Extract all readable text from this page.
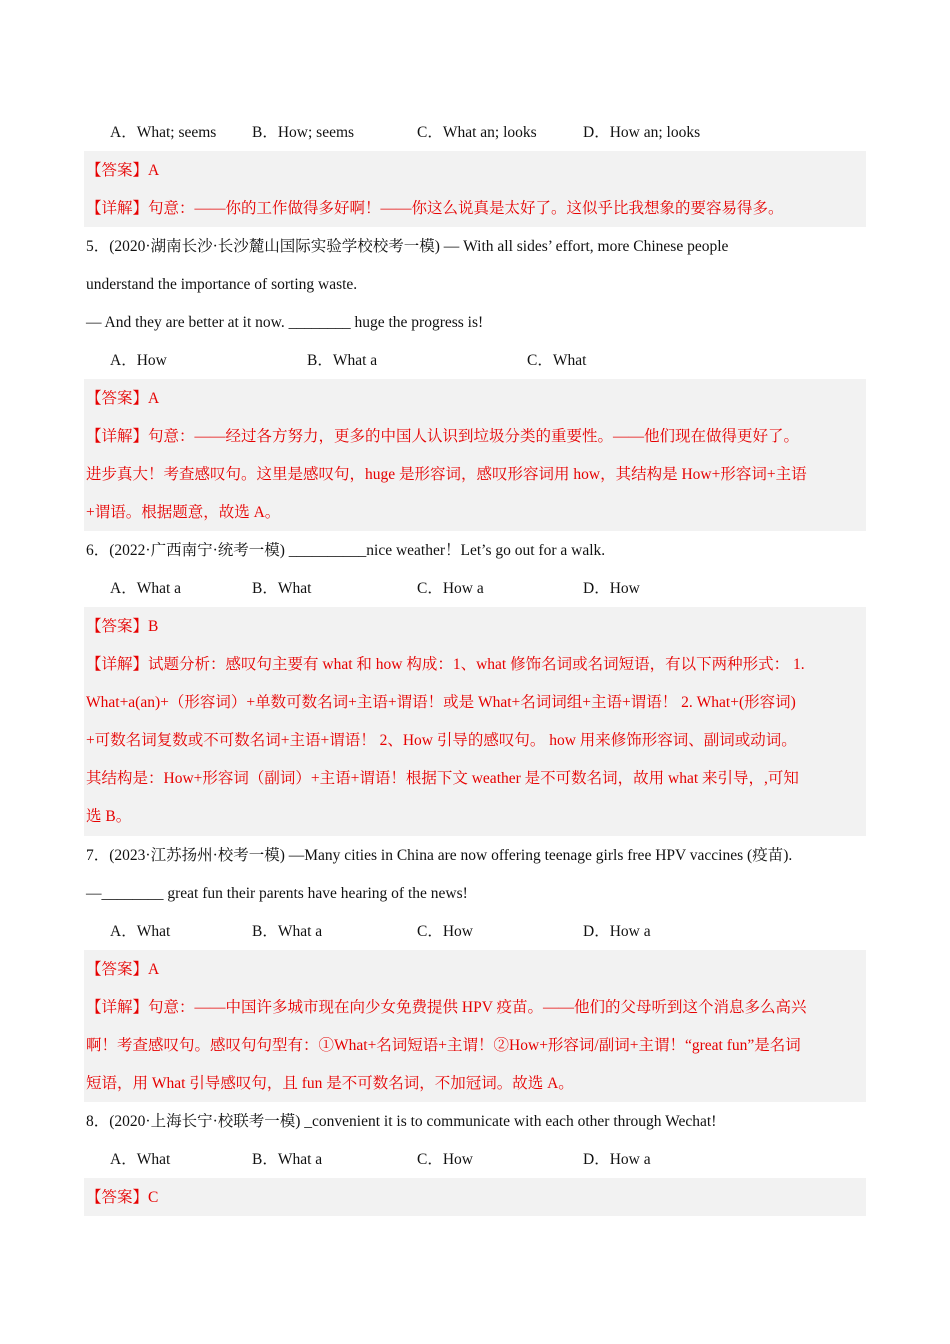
A．What; seems B．How; seems	C．What an; looks	D．How an; looks
【答案】A
【详解】句意：——你的工作做得多好啊！——你这么说真是太好了。这似乎比我想象的要容易得多。
5．(2020·湖南长沙·长沙麓山国际实验学校校考一模) — With all sides’ effort, more Chinese people
understand the importance of sorting waste.
— And they are better at it now. ________ huge the progress is!
A．How	B．What a	C．What
【答案】A
【详解】句意：——经过各方努力，更多的中国人认识到垃圾分类的重要性。——他们现在做得更好了。
进步真大！考查感叹句。这里是感叹句，huge 是形容词，感叹形容词用 how，其结构是 How+形容词+主语
+谓语。根据题意，故选 A。
6．(2022·广西南宁·统考一模) __________nice weather！Let’s go out for a walk.
A．What a	B．What	C．How a	D．How
【答案】B
【详解】试题分析：感叹句主要有 what 和 how 构成：1、what 修饰名词或名词短语，有以下两种形式： 1.
What+a(an)+（形容词）+单数可数名词+主语+谓语！或是 What+名词词组+主语+谓语！ 2. What+(形容词)
+可数名词复数或不可数名词+主语+谓语！ 2、How 引导的感叹句。 how 用来修饰形容词、副词或动词。
其结构是：How+形容词（副词）+主语+谓语！根据下文 weather 是不可数名词，故用 what 来引导，,可知
选 B。
7．(2023·江苏扬州·校考一模) —Many cities in China are now offering teenage girls free HPV vaccines (疫苗).
—________ great fun their parents have hearing of the news!
A．What	B．What a	C．How	D．How a
【答案】A
【详解】句意：——中国许多城市现在向少女免费提供 HPV 疫苗。——他们的父母听到这个消息多么高兴
啊！考查感叹句。感叹句句型有：①What+名词短语+主谓！②How+形容词/副词+主谓！“great fun”是名词
短语，用 What 引导感叹句，且 fun 是不可数名词，不加冠词。故选 A。
8．(2020·上海长宁·校联考一模) _convenient it is to communicate with each other through Wechat!
A．What	B．What a	C．How	D．How a
【答案】C
